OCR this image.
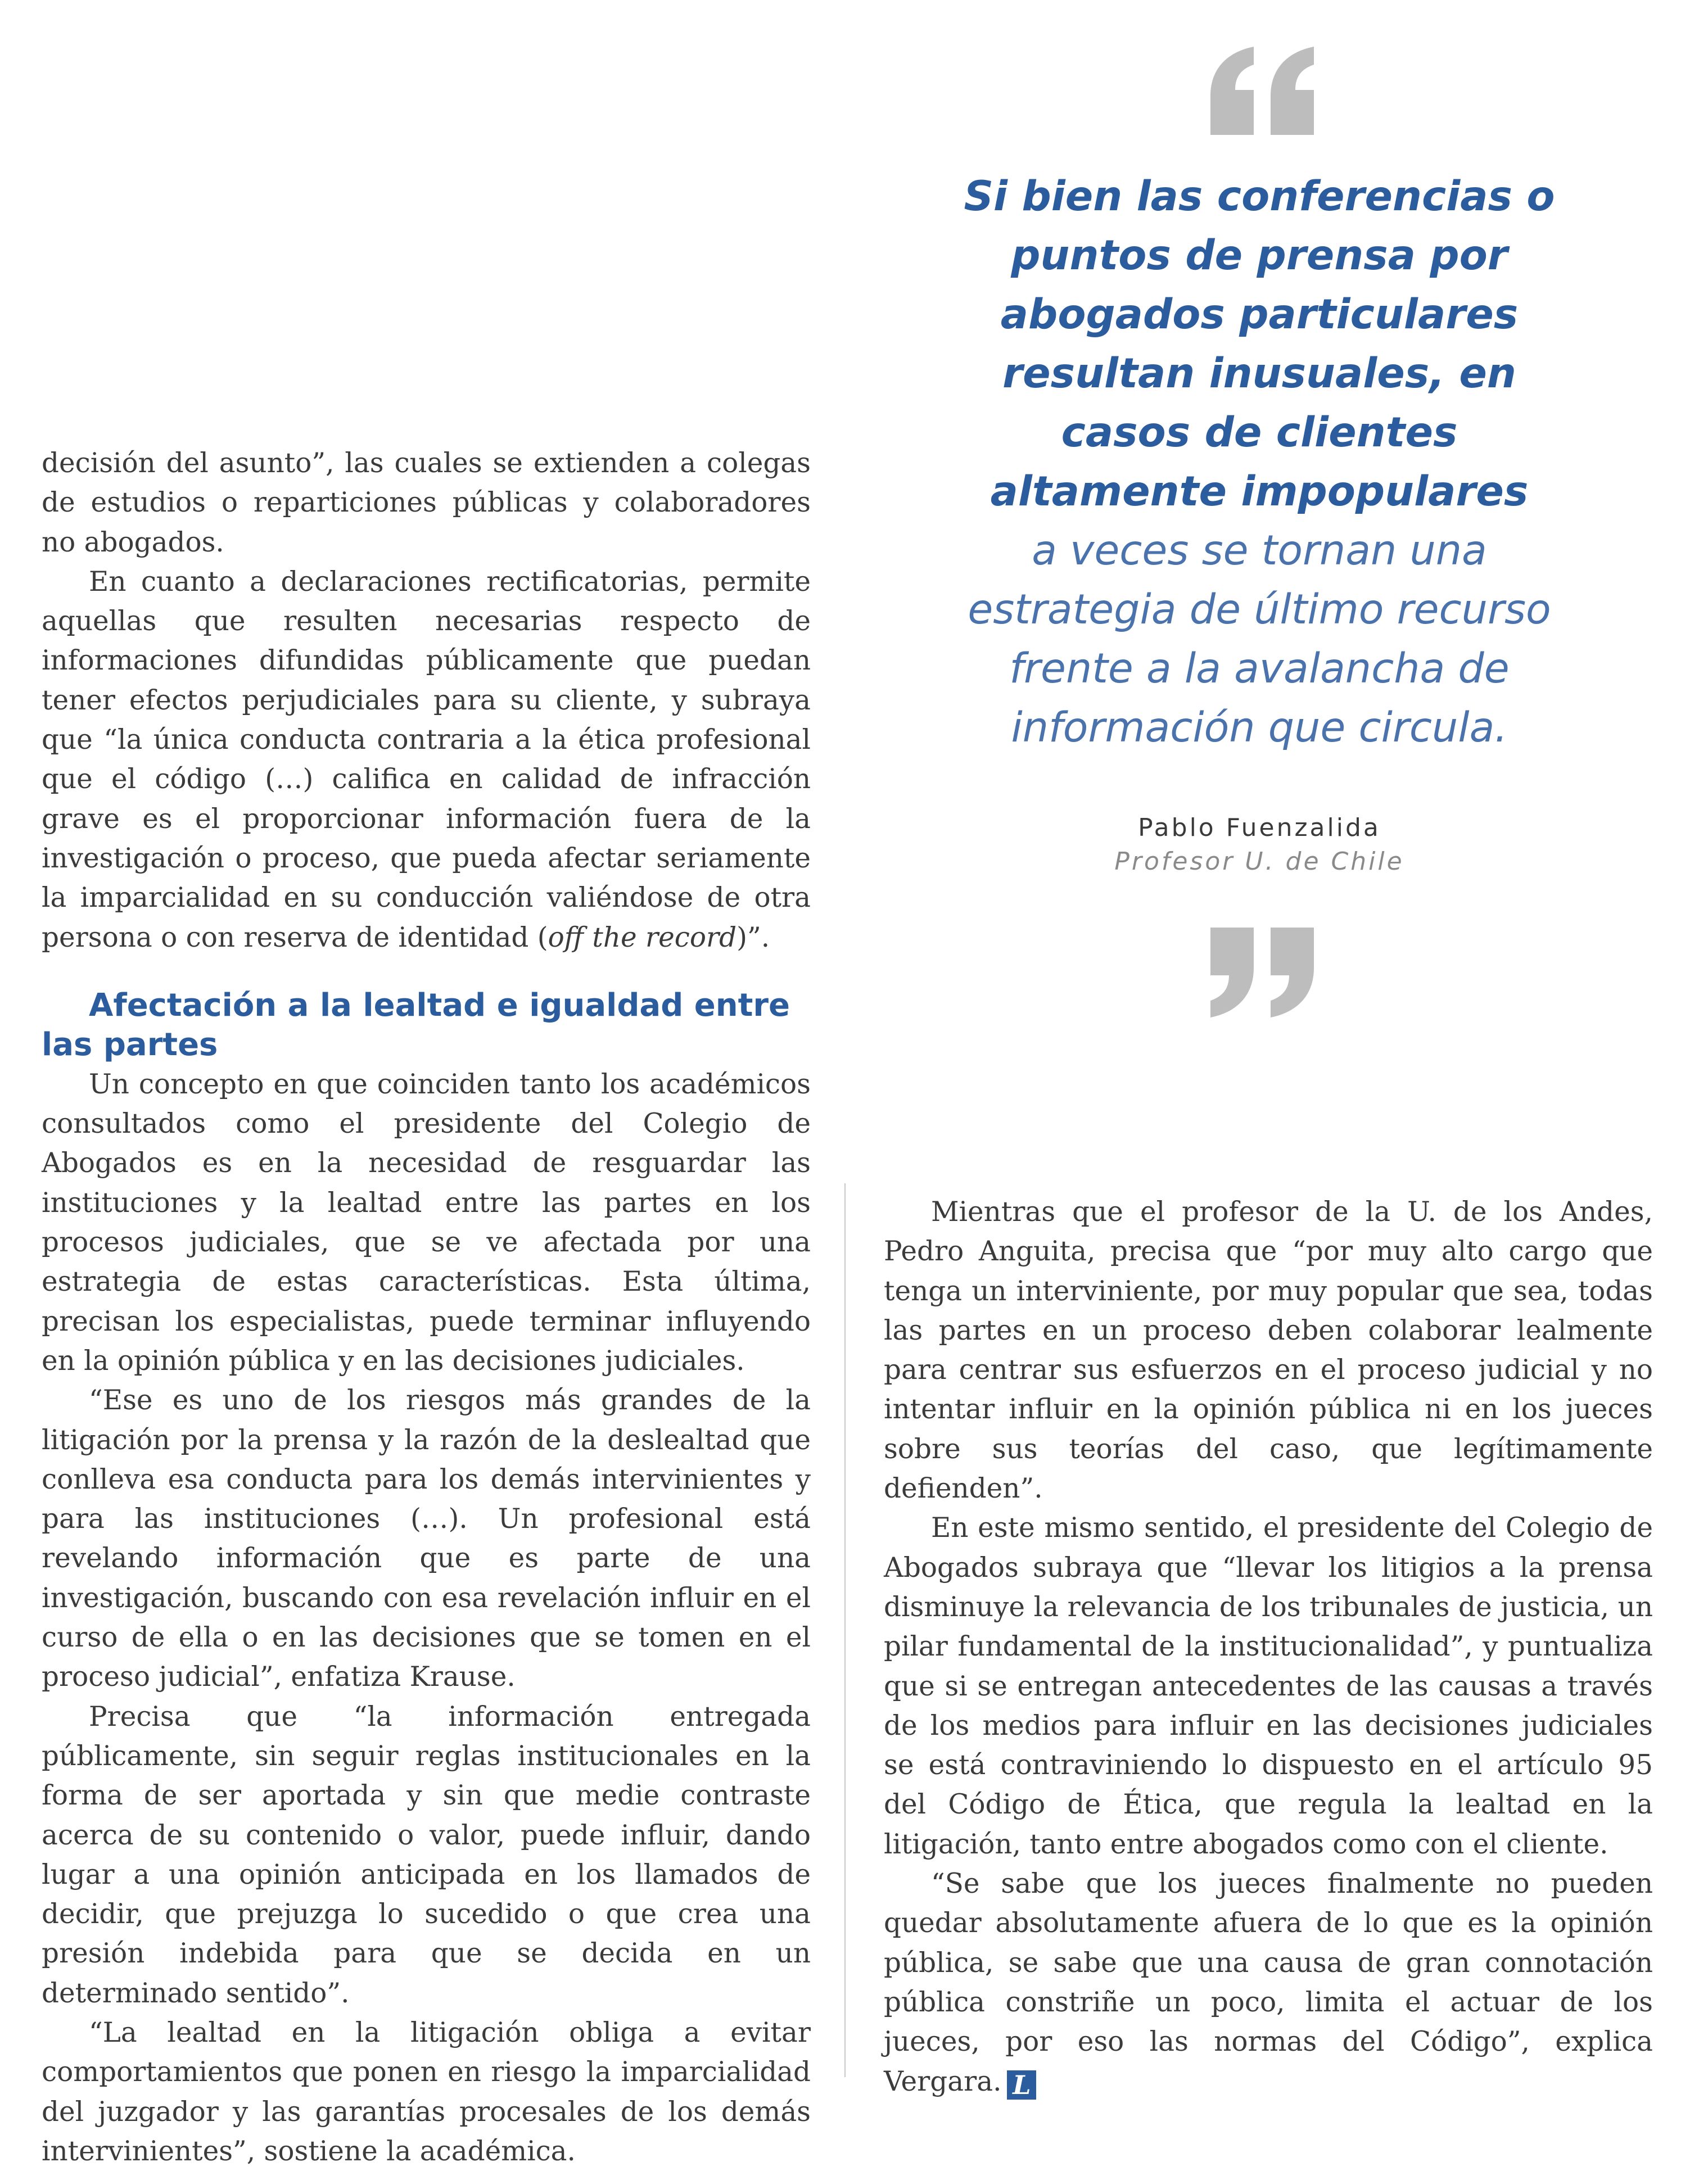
Si bien las conferencias o puntos de prensa por abogados particulares resultan inusuales, en casos de clientes altamente impopulares
a veces se tornan una estrategia de último recurso frente a la avalancha de información que circula.
Pablo Fuenzalida
Profesor U. de Chile

decisión del asunto”, las cuales se extienden a colegas de estudios o reparticiones públicas y colaboradores no abogados.

En cuanto a declaraciones rectificatorias, permite aquellas que resulten necesarias respecto de informaciones difundidas públicamente que puedan tener efectos perjudiciales para su cliente, y subraya que “la única conducta contraria a la ética profesional que el código (…) califica en calidad de infracción grave es el proporcionar información fuera de la investigación o proceso, que pueda afectar seriamente la imparcialidad en su conducción valiéndose de otra persona o con reserva de identidad (off the record)”.

Afectación a la lealtad e igualdad entre las partes

Un concepto en que coinciden tanto los académicos consultados como el presidente del Colegio de Abogados es en la necesidad de resguardar las instituciones y la lealtad entre las partes en los procesos judiciales, que se ve afectada por una estrategia de estas características. Esta última, precisan los especialistas, puede terminar influyendo en la opinión pública y en las decisiones judiciales.

“Ese es uno de los riesgos más grandes de la litigación por la prensa y la razón de la deslealtad que conlleva esa conducta para los demás intervinientes y para las instituciones (…). Un profesional está revelando información que es parte de una investigación, buscando con esa revelación influir en el curso de ella o en las decisiones que se tomen en el proceso judicial”, enfatiza Krause.

Precisa que “la información entregada públicamente, sin seguir reglas institucionales en la forma de ser aportada y sin que medie contraste acerca de su contenido o valor, puede influir, dando lugar a una opinión anticipada en los llamados de decidir, que prejuzga lo sucedido o que crea una presión indebida para que se decida en un determinado sentido”.

“La lealtad en la litigación obliga a evitar comportamientos que ponen en riesgo la imparcialidad del juzgador y las garantías procesales de los demás intervinientes”, sostiene la académica.

Mientras que el profesor de la U. de los Andes, Pedro Anguita, precisa que “por muy alto cargo que tenga un interviniente, por muy popular que sea, todas las partes en un proceso deben colaborar lealmente para centrar sus esfuerzos en el proceso judicial y no intentar influir en la opinión pública ni en los jueces sobre sus teorías del caso, que legítimamente defienden”.

En este mismo sentido, el presidente del Colegio de Abogados subraya que “llevar los litigios a la prensa disminuye la relevancia de los tribunales de justicia, un pilar fundamental de la institucionalidad”, y puntualiza que si se entregan antecedentes de las causas a través de los medios para influir en las decisiones judiciales se está contraviniendo lo dispuesto en el artículo 95 del Código de Ética, que regula la lealtad en la litigación, tanto entre abogados como con el cliente.

“Se sabe que los jueces finalmente no pueden quedar absolutamente afuera de lo que es la opinión pública, se sabe que una causa de gran connotación pública constriñe un poco, limita el actuar de los jueces, por eso las normas del Código”, explica Vergara. L
